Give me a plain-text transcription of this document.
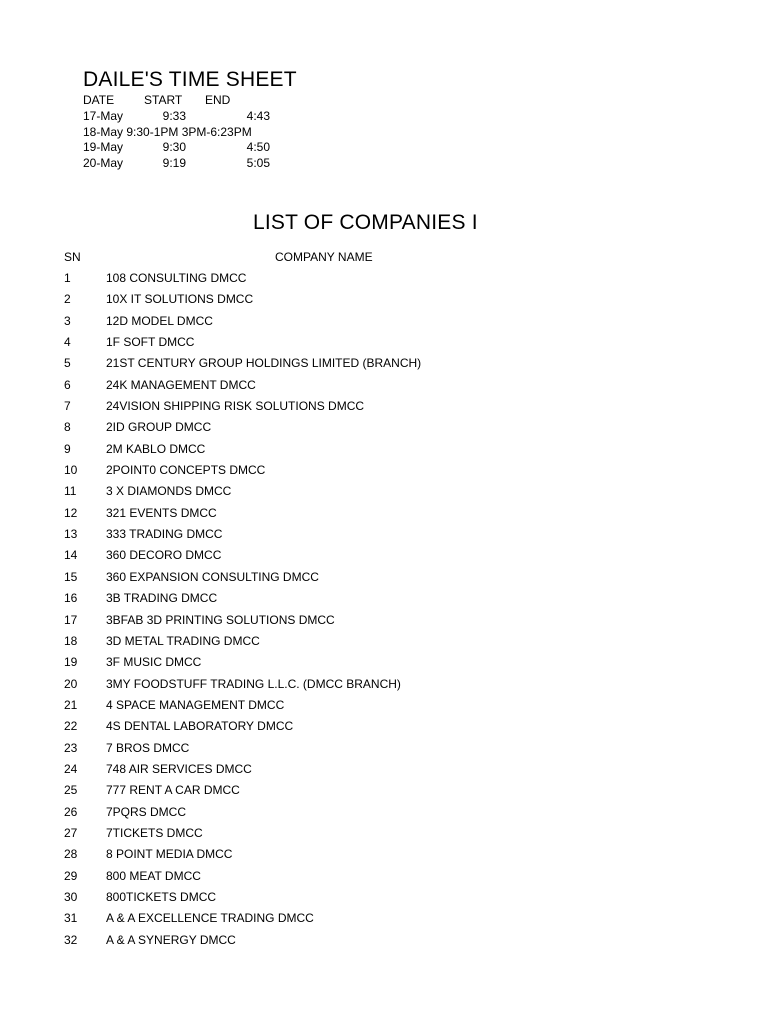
DAILE'S TIME SHEET
DATE START END
17-May	9:33	4:43
18-May 9:30-1PM 3PM-6:23PM
19-May	9:30	4:50
20-May	9:19	5:05
LIST OF COMPANIES I
SN	COMPANY NAME
1	108 CONSULTING DMCC
2	10X IT SOLUTIONS DMCC
3	12D MODEL DMCC
4	1F SOFT DMCC
5	21ST CENTURY GROUP HOLDINGS LIMITED (BRANCH)
6	24K MANAGEMENT DMCC
7	24VISION SHIPPING RISK SOLUTIONS DMCC
8	2ID GROUP DMCC
9	2M KABLO DMCC
10 2POINT0 CONCEPTS DMCC
11 3 X DIAMONDS DMCC
12 321 EVENTS DMCC
13 333 TRADING DMCC
14 360 DECORO DMCC
15 360 EXPANSION CONSULTING DMCC
16 3B TRADING DMCC
17 3BFAB 3D PRINTING SOLUTIONS DMCC
18 3D METAL TRADING DMCC
19 3F MUSIC DMCC
20 3MY FOODSTUFF TRADING L.L.C. (DMCC BRANCH)
21 4 SPACE MANAGEMENT DMCC
22 4S DENTAL LABORATORY DMCC
23 7 BROS DMCC
24 748 AIR SERVICES DMCC
25 777 RENT A CAR DMCC
26 7PQRS DMCC
27 7TICKETS DMCC
28 8 POINT MEDIA DMCC
29 800 MEAT DMCC
30 800TICKETS DMCC
31 A & A EXCELLENCE TRADING DMCC
32 A & A SYNERGY DMCC
